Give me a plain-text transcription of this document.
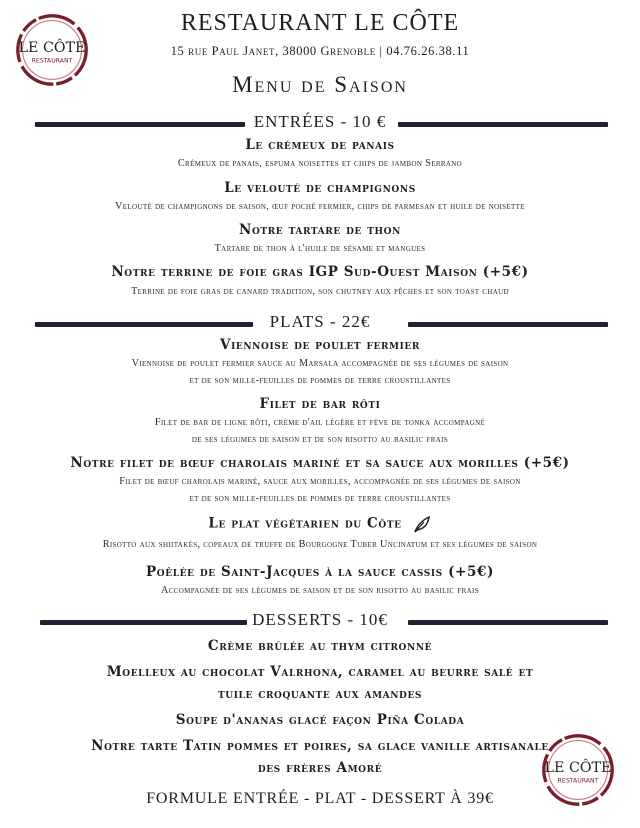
LE CÔTE
RESTAURANT
LE CÔTE
RESTAURANT
RESTAURANT LE CÔTE
15 rue Paul Janet, 38000 Grenoble | 04.76.26.38.11
Menu de Saison
ENTRÉES - 10 €
Le crémeux de panais
Crémeux de panais, espuma noisettes et chips de jambon Serrano
Le velouté de champignons
Velouté de champignons de saison, œuf poché fermier, chips de parmesan et huile de noisette
Notre tartare de thon
Tartare de thon à l'huile de sésame et mangues
Notre terrine de foie gras IGP Sud-Ouest Maison (+5€)
Terrine de foie gras de canard tradition, son chutney aux pêches et son toast chaud
PLATS - 22€
Viennoise de poulet fermier
Viennoise de poulet fermier sauce au Marsala accompagnée de ses légumes de saison
et de son mille-feuilles de pommes de terre croustillantes
Filet de bar rôti
Filet de bar de ligne rôti, crème d'ail légère et fève de tonka accompagné
de ses légumes de saison et de son risotto au basilic frais
Notre filet de bœuf charolais mariné et sa sauce aux morilles (+5€)
Filet de bœuf charolais mariné, sauce aux morilles, accompagnée de ses légumes de saison
et de son mille-feuilles de pommes de terre croustillantes
Le plat végétarien du Côte
Risotto aux shiitakés, copeaux de truffe de Bourgogne Tuber Uncinatum et ses légumes de saison
Poêlée de Saint-Jacques à la sauce cassis (+5€)
Accompagnée de ses légumes de saison et de son risotto au basilic frais
DESSERTS - 10€
Crème brûlée au thym citronné
Moelleux au chocolat Valrhona, caramel au beurre salé et
tuile croquante aux amandes
Soupe d'ananas glacé façon Piña Colada
Notre tarte Tatin pommes et poires, sa glace vanille artisanale
des frères Amoré
FORMULE ENTRÉE - PLAT - DESSERT À 39€
